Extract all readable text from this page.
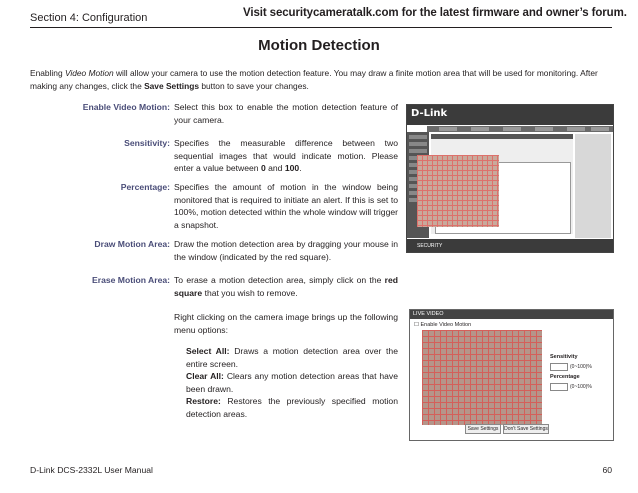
Section 4: Configuration	Visit securitycameratalk.com for the latest firmware and owner’s forum.
Motion Detection
Enabling Video Motion will allow your camera to use the motion detection feature. You may draw a finite motion area that will be used for monitoring. After making any changes, click the Save Settings button to save your changes.
Enable Video Motion: Select this box to enable the motion detection feature of your camera.
Sensitivity: Specifies the measurable difference between two sequential images that would indicate motion. Please enter a value between 0 and 100.
Percentage: Specifies the amount of motion in the window being monitored that is required to initiate an alert. If this is set to 100%, motion detected within the whole window will trigger a snapshot.
Draw Motion Area: Draw the motion detection area by dragging your mouse in the window (indicated by the red square).
Erase Motion Area: To erase a motion detection area, simply click on the red square that you wish to remove.
Right clicking on the camera image brings up the following menu options:
Select All: Draws a motion detection area over the entire screen.
Clear All: Clears any motion detection areas that have been drawn.
Restore: Restores the previously specified motion detection areas.
D-Link
SECURITY
LIVE VIDEO
☐ Enable Video Motion
Sensitivity
(0~100)%
Percentage
(0~100)%
Save Settings	Don't Save Settings
D-Link DCS-2332L User Manual	60
